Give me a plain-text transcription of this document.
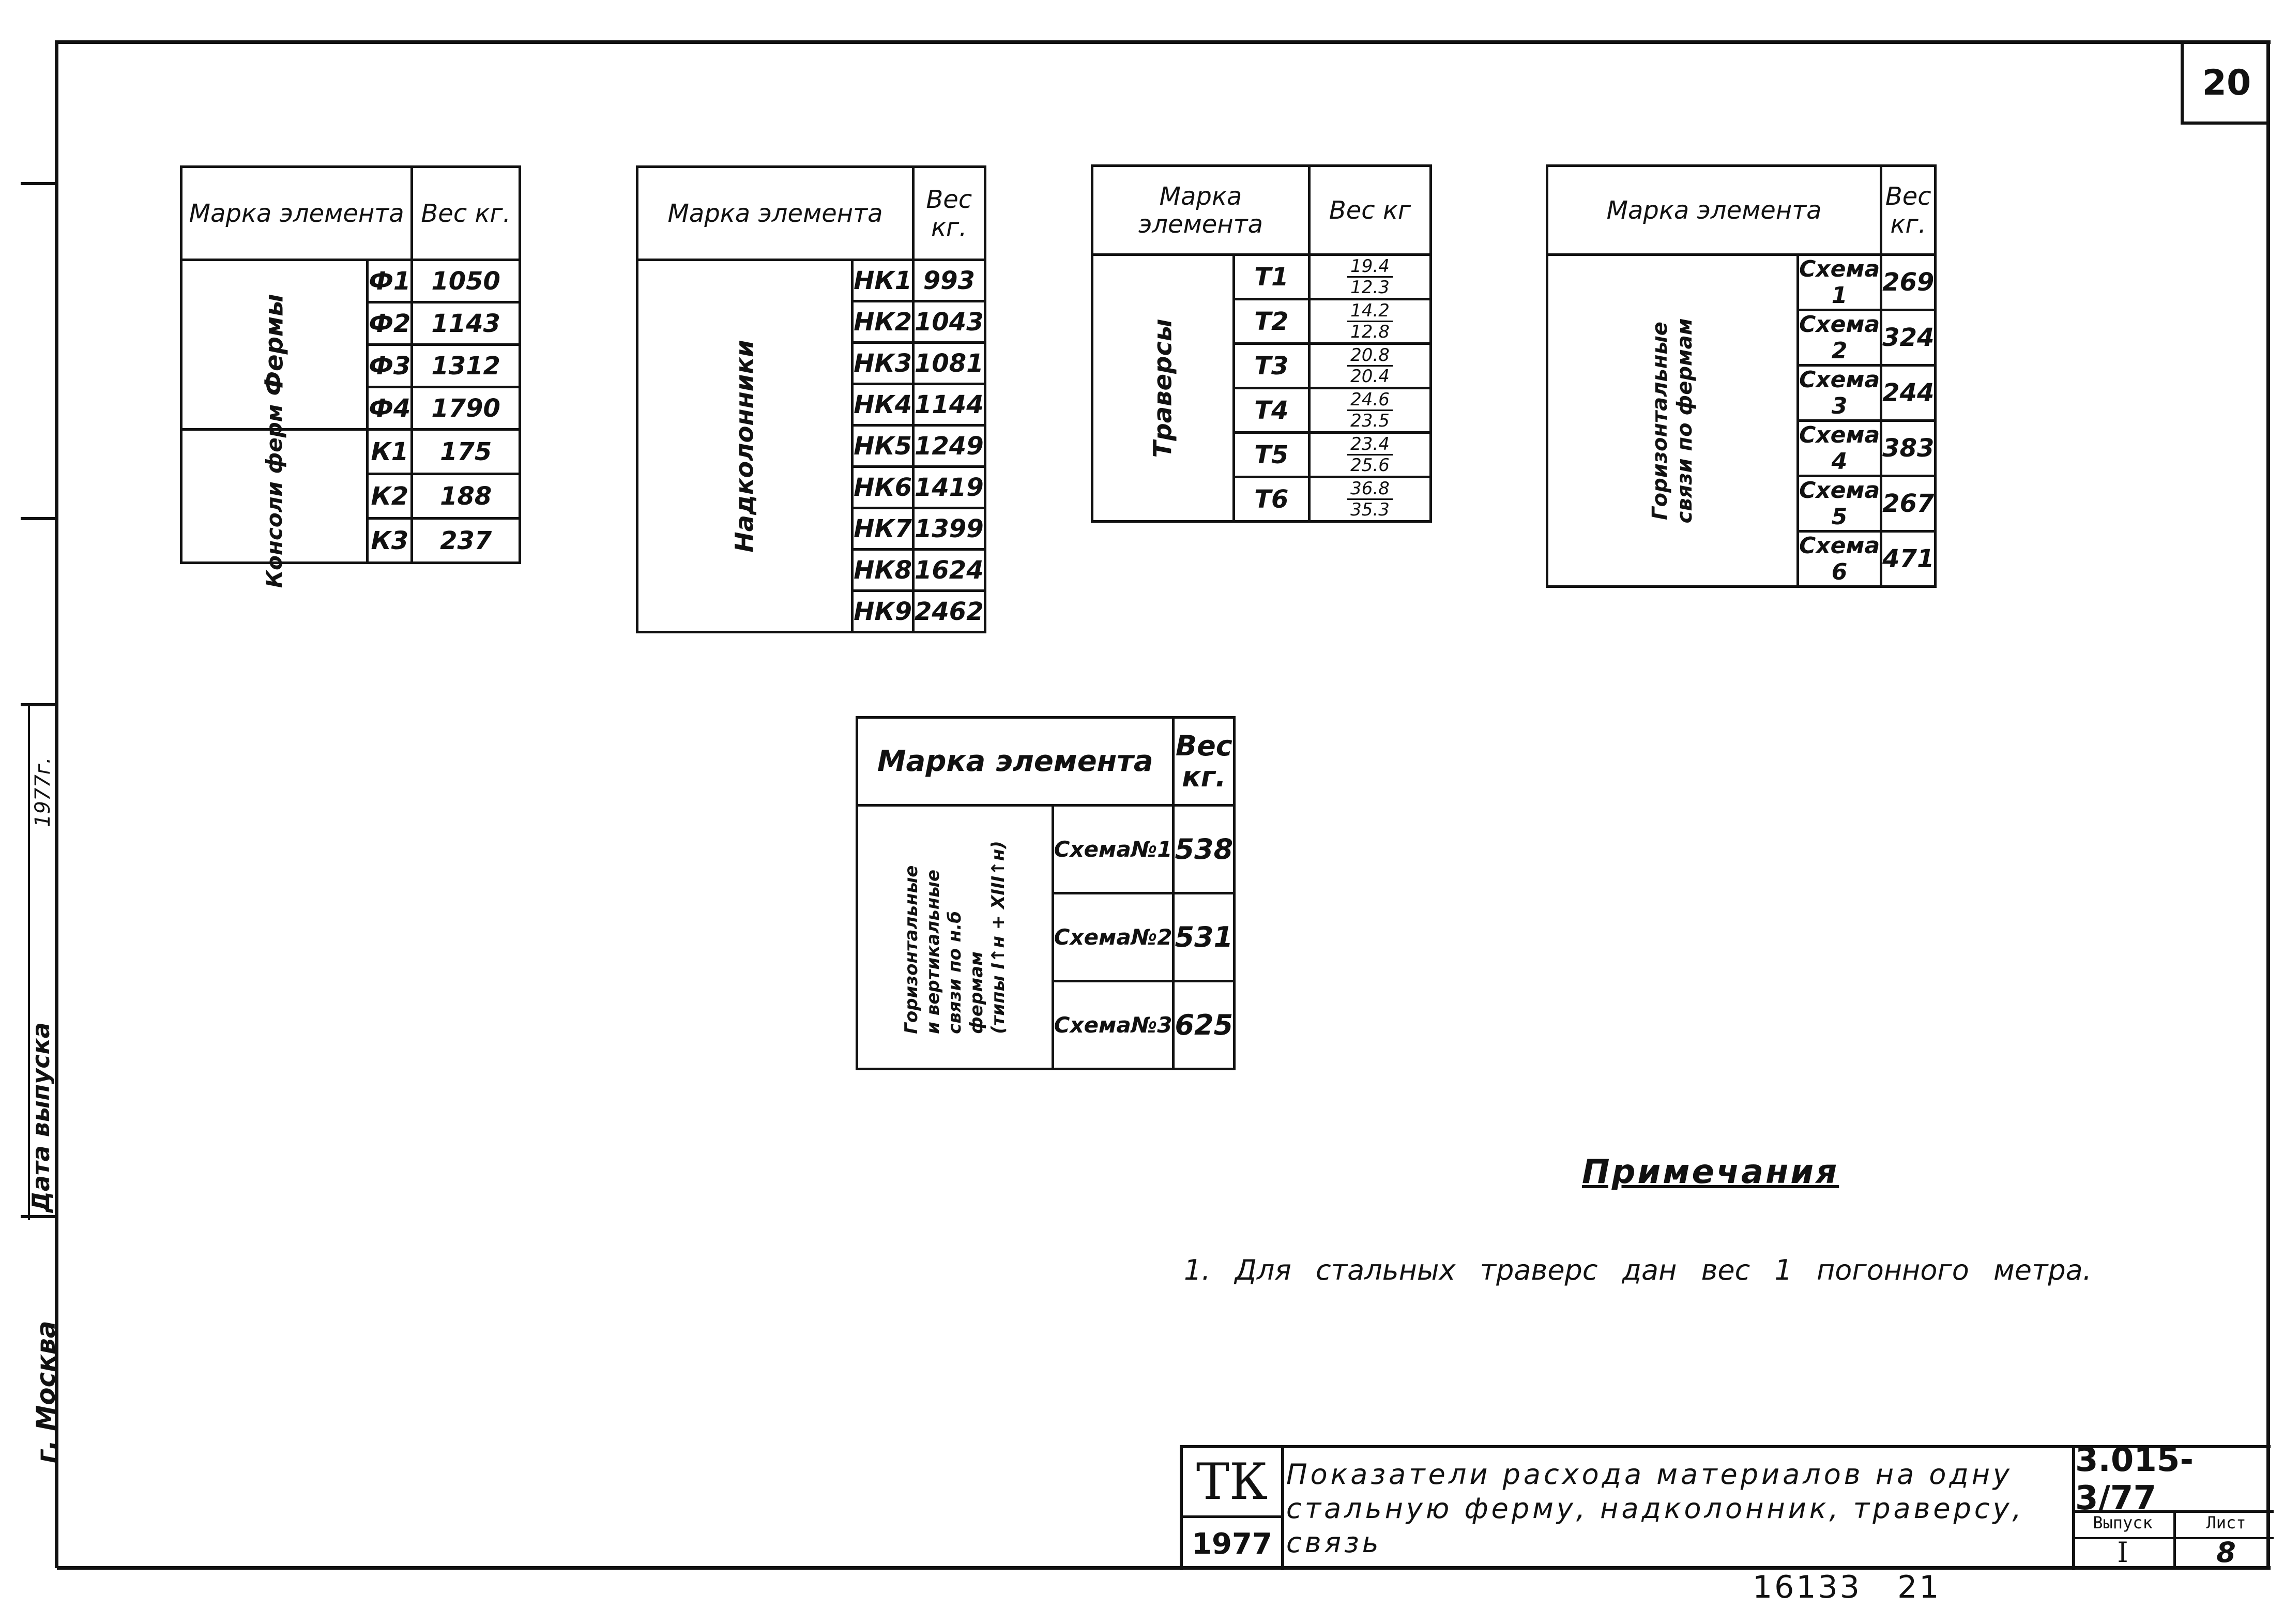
20
Дата выпуска
1977г.
г. Москва
Марка элемента		Вес кг.
Фермы	Ф1	1050
	Ф2	1143
	Ф3	1312
	Ф4	1790
Консоли ферм	К1	175
	К2	188
	К3	237
Марка элемента		Вес кг.
Надколонники	НК1	993
	НК2	1043
	НК3	1081
	НК4	1144
	НК5	1249
	НК6	1419
	НК7	1399
	НК8	1624
	НК9	2462
Марка элемента		Вес кг
Траверсы	Т1	$\frac{19.4}{12.3}$
	Т2	$\frac{14.2}{12.8}$
	Т3	$\frac{20.8}{20.4}$
	Т4	$\frac{24.6}{23.5}$
	Т5	$\frac{23.4}{25.6}$
	Т6	$\frac{36.8}{35.3}$
Марка элемента		Вес кг.
Горизонтальные связи по фермам	Схема 1	269
	Схема 2	324
	Схема 3	244
	Схема 4	383
	Схема 5	267
	Схема 6	471
Марка элемента		Вес кг.

Горизонтальные и вертикальные связи по н.б фермам (типы I↑н + XIII↑н)	Схема№1	538
	Схема№2	531
	Схема№3	625
Примечания
1. Для стальных траверс дан вес 1 погонного метра.
ТК
1977
Показатели расхода материалов на одну стальную ферму, надколонник, траверсу, связь
3.015-3/77
Выпуск	Лист
I	8
16133   21
